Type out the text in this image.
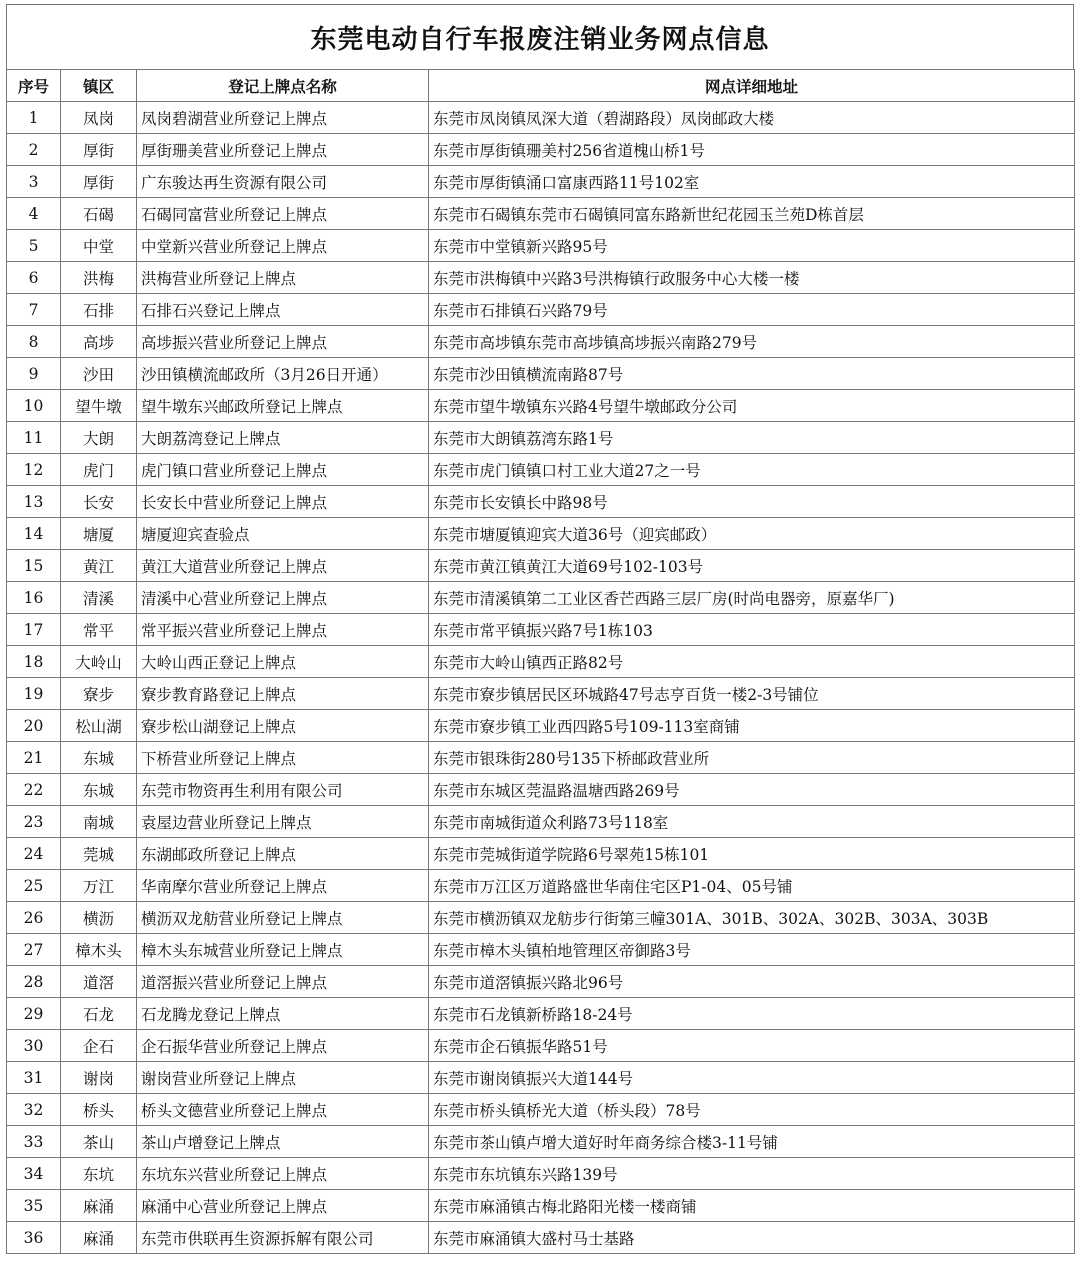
东莞电动自行车报废注销业务网点信息
序号	镇区	登记上牌点名称	网点详细地址
1	凤岗	凤岗碧湖营业所登记上牌点	东莞市凤岗镇凤深大道（碧湖路段）凤岗邮政大楼
2	厚街	厚街珊美营业所登记上牌点	东莞市厚街镇珊美村256省道槐山桥1号
3	厚街	广东骏达再生资源有限公司	东莞市厚街镇涌口富康西路11号102室
4	石碣	石碣同富营业所登记上牌点	东莞市石碣镇东莞市石碣镇同富东路新世纪花园玉兰苑D栋首层
5	中堂	中堂新兴营业所登记上牌点	东莞市中堂镇新兴路95号
6	洪梅	洪梅营业所登记上牌点	东莞市洪梅镇中兴路3号洪梅镇行政服务中心大楼一楼
7	石排	石排石兴登记上牌点	东莞市石排镇石兴路79号
8	高埗	高埗振兴营业所登记上牌点	东莞市高埗镇东莞市高埗镇高埗振兴南路279号
9	沙田	沙田镇横流邮政所（3月26日开通）	东莞市沙田镇横流南路87号
10	望牛墩	望牛墩东兴邮政所登记上牌点	东莞市望牛墩镇东兴路4号望牛墩邮政分公司
11	大朗	大朗荔湾登记上牌点	东莞市大朗镇荔湾东路1号
12	虎门	虎门镇口营业所登记上牌点	东莞市虎门镇镇口村工业大道27之一号
13	长安	长安长中营业所登记上牌点	东莞市长安镇长中路98号
14	塘厦	塘厦迎宾查验点	东莞市塘厦镇迎宾大道36号（迎宾邮政）
15	黄江	黄江大道营业所登记上牌点	东莞市黄江镇黄江大道69号102-103号
16	清溪	清溪中心营业所登记上牌点	东莞市清溪镇第二工业区香芒西路三层厂房(时尚电器旁，原嘉华厂)
17	常平	常平振兴营业所登记上牌点	东莞市常平镇振兴路7号1栋103
18	大岭山	大岭山西正登记上牌点	东莞市大岭山镇西正路82号
19	寮步	寮步教育路登记上牌点	东莞市寮步镇居民区环城路47号志亨百货一楼2-3号铺位
20	松山湖	寮步松山湖登记上牌点	东莞市寮步镇工业西四路5号109-113室商铺
21	东城	下桥营业所登记上牌点	东莞市银珠街280号135下桥邮政营业所
22	东城	东莞市物资再生利用有限公司	东莞市东城区莞温路温塘西路269号
23	南城	袁屋边营业所登记上牌点	东莞市南城街道众利路73号118室
24	莞城	东湖邮政所登记上牌点	东莞市莞城街道学院路6号翠苑15栋101
25	万江	华南摩尔营业所登记上牌点	东莞市万江区万道路盛世华南住宅区P1-04、05号铺
26	横沥	横沥双龙舫营业所登记上牌点	东莞市横沥镇双龙舫步行街第三幢301A、301B、302A、302B、303A、303B
27	樟木头	樟木头东城营业所登记上牌点	东莞市樟木头镇柏地管理区帝御路3号
28	道滘	道滘振兴营业所登记上牌点	东莞市道滘镇振兴路北96号
29	石龙	石龙腾龙登记上牌点	东莞市石龙镇新桥路18-24号
30	企石	企石振华营业所登记上牌点	东莞市企石镇振华路51号
31	谢岗	谢岗营业所登记上牌点	东莞市谢岗镇振兴大道144号
32	桥头	桥头文德营业所登记上牌点	东莞市桥头镇桥光大道（桥头段）78号
33	茶山	茶山卢增登记上牌点	东莞市茶山镇卢增大道好时年商务综合楼3-11号铺
34	东坑	东坑东兴营业所登记上牌点	东莞市东坑镇东兴路139号
35	麻涌	麻涌中心营业所登记上牌点	东莞市麻涌镇古梅北路阳光楼一楼商铺
36	麻涌	东莞市供联再生资源拆解有限公司	东莞市麻涌镇大盛村马士基路
